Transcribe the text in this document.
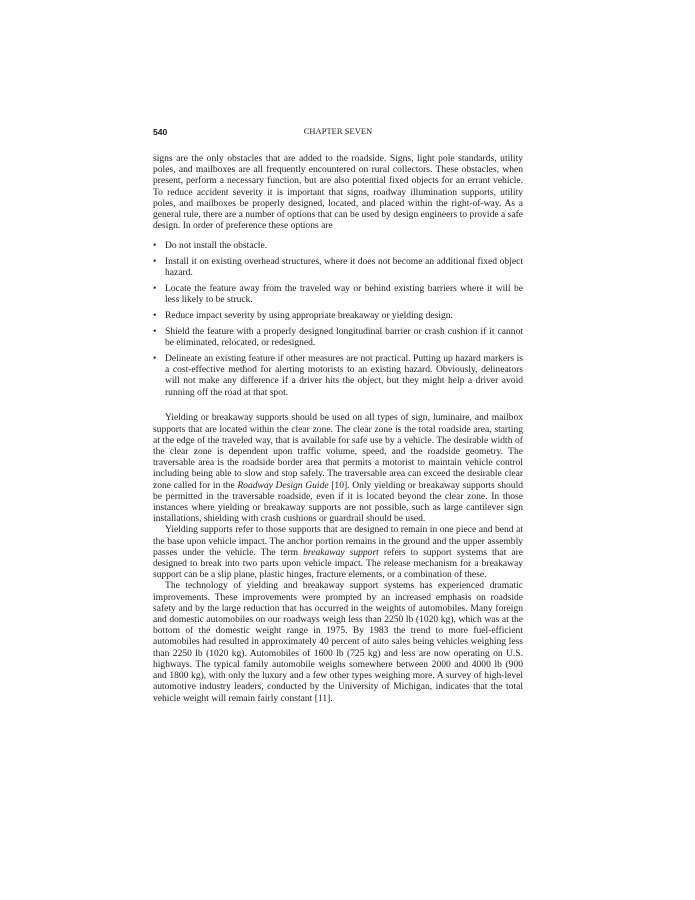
540	CHAPTER SEVEN

signs are the only obstacles that are added to the roadside. Signs, light pole standards, utility poles, and mailboxes are all frequently encountered on rural collectors. These obstacles, when present, perform a necessary function, but are also potential fixed objects for an errant vehicle. To reduce accident severity it is important that signs, roadway illumination supports, utility poles, and mailboxes be properly designed, located, and placed within the right-of-way. As a general rule, there are a number of options that can be used by design engineers to provide a safe design. In order of preference these options are

• Do not install the obstacle.
• Install it on existing overhead structures, where it does not become an additional fixed object hazard.
• Locate the feature away from the traveled way or behind existing barriers where it will be less likely to be struck.
• Reduce impact severity by using appropriate breakaway or yielding design.
• Shield the feature with a properly designed longitudinal barrier or crash cushion if it cannot be eliminated, relocated, or redesigned.
• Delineate an existing feature if other measures are not practical. Putting up hazard markers is a cost-effective method for alerting motorists to an existing hazard. Obviously, delineators will not make any difference if a driver hits the object, but they might help a driver avoid running off the road at that spot.

Yielding or breakaway supports should be used on all types of sign, luminaire, and mailbox supports that are located within the clear zone. The clear zone is the total roadside area, starting at the edge of the traveled way, that is available for safe use by a vehicle. The desirable width of the clear zone is dependent upon traffic volume, speed, and the roadside geometry. The traversable area is the roadside border area that permits a motorist to maintain vehicle control including being able to slow and stop safely. The traversable area can exceed the desirable clear zone called for in the Roadway Design Guide [10]. Only yielding or breakaway supports should be permitted in the traversable roadside, even if it is located beyond the clear zone. In those instances where yielding or breakaway supports are not possible, such as large cantilever sign installations, shielding with crash cushions or guardrail should be used.

Yielding supports refer to those supports that are designed to remain in one piece and bend at the base upon vehicle impact. The anchor portion remains in the ground and the upper assembly passes under the vehicle. The term breakaway support refers to support systems that are designed to break into two parts upon vehicle impact. The release mechanism for a breakaway support can be a slip plane, plastic hinges, fracture elements, or a combination of these.

The technology of yielding and breakaway support systems has experienced dramatic improvements. These improvements were prompted by an increased emphasis on roadside safety and by the large reduction that has occurred in the weights of automobiles. Many foreign and domestic automobiles on our roadways weigh less than 2250 lb (1020 kg), which was at the bottom of the domestic weight range in 1975. By 1983 the trend to more fuel-efficient automobiles had resulted in approximately 40 percent of auto sales being vehicles weighing less than 2250 lb (1020 kg). Automobiles of 1600 lb (725 kg) and less are now operating on U.S. highways. The typical family automobile weighs somewhere between 2000 and 4000 lb (900 and 1800 kg), with only the luxury and a few other types weighing more. A survey of high-level automotive industry leaders, conducted by the University of Michigan, indicates that the total vehicle weight will remain fairly constant [11].
